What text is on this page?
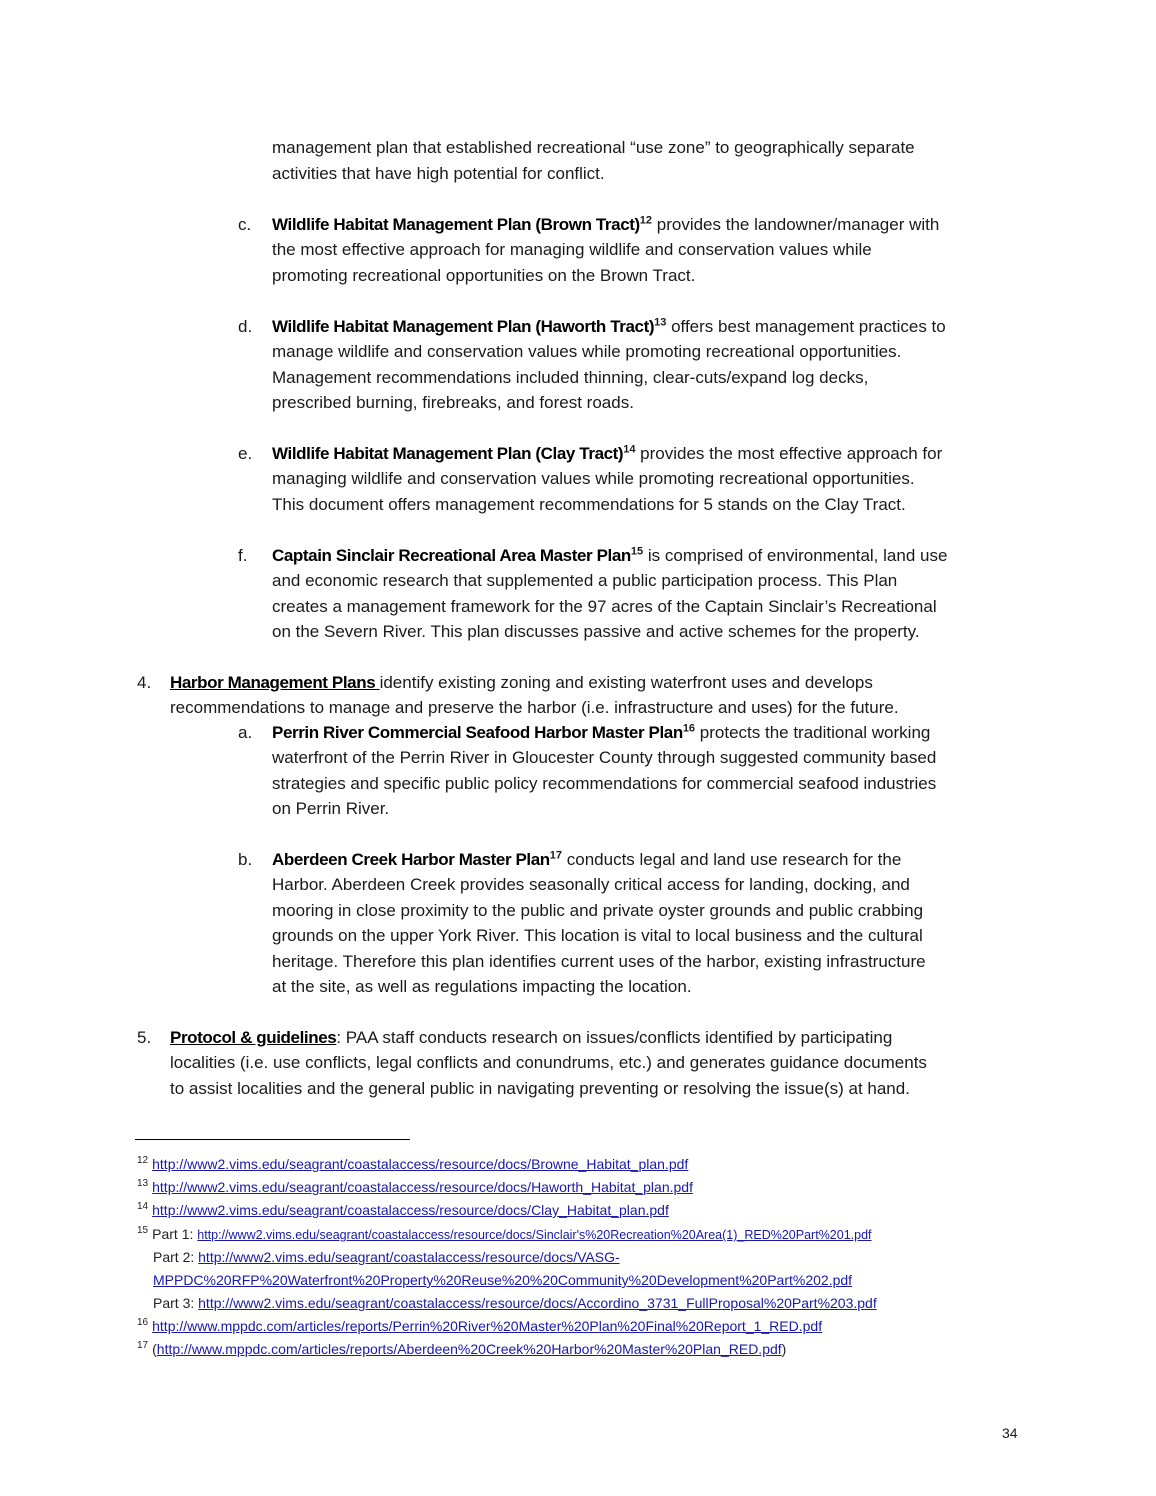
34
management plan that established recreational “use zone” to geographically separate
activities that have high potential for conflict.
c. Wildlife Habitat Management Plan (Brown Tract)$^{12}$ provides the landowner/manager with
the most effective approach for managing wildlife and conservation values while
promoting recreational opportunities on the Brown Tract.
d. Wildlife Habitat Management Plan (Haworth Tract)$^{13}$ offers best management practices to
manage wildlife and conservation values while promoting recreational opportunities.
Management recommendations included thinning, clear-cuts/expand log decks,
prescribed burning, firebreaks, and forest roads.
e. Wildlife Habitat Management Plan (Clay Tract)$^{14}$ provides the most effective approach for
managing wildlife and conservation values while promoting recreational opportunities.
This document offers management recommendations for 5 stands on the Clay Tract.
f. Captain Sinclair Recreational Area Master Plan$^{15}$ is comprised of environmental, land use
and economic research that supplemented a public participation process. This Plan
creates a management framework for the 97 acres of the Captain Sinclair’s Recreational
on the Severn River. This plan discusses passive and active schemes for the property.
4. Harbor Management Plans identify existing zoning and existing waterfront uses and develops
recommendations to manage and preserve the harbor (i.e. infrastructure and uses) for the future.
a. Perrin River Commercial Seafood Harbor Master Plan$^{16}$ protects the traditional working
waterfront of the Perrin River in Gloucester County through suggested community based
strategies and specific public policy recommendations for commercial seafood industries
on Perrin River.
b. Aberdeen Creek Harbor Master Plan$^{17}$ conducts legal and land use research for the
Harbor. Aberdeen Creek provides seasonally critical access for landing, docking, and
mooring in close proximity to the public and private oyster grounds and public crabbing
grounds on the upper York River. This location is vital to local business and the cultural
heritage. Therefore this plan identifies current uses of the harbor, existing infrastructure
at the site, as well as regulations impacting the location.
5. Protocol & guidelines: PAA staff conducts research on issues/conflicts identified by participating
localities (i.e. use conflicts, legal conflicts and conundrums, etc.) and generates guidance documents
to assist localities and the general public in navigating preventing or resolving the issue(s) at hand.
$^{12}$ http://www2.vims.edu/seagrant/coastalaccess/resource/docs/Browne_Habitat_plan.pdf
$^{13}$ http://www2.vims.edu/seagrant/coastalaccess/resource/docs/Haworth_Habitat_plan.pdf
$^{14}$ http://www2.vims.edu/seagrant/coastalaccess/resource/docs/Clay_Habitat_plan.pdf
$^{15}$ Part 1: http://www2.vims.edu/seagrant/coastalaccess/resource/docs/Sinclair's%20Recreation%20Area(1)_RED%20Part%201.pdf
Part 2: http://www2.vims.edu/seagrant/coastalaccess/resource/docs/VASG-
MPPDC%20RFP%20Waterfront%20Property%20Reuse%20%20Community%20Development%20Part%202.pdf
Part 3: http://www2.vims.edu/seagrant/coastalaccess/resource/docs/Accordino_3731_FullProposal%20Part%203.pdf
$^{16}$ http://www.mppdc.com/articles/reports/Perrin%20River%20Master%20Plan%20Final%20Report_1_RED.pdf
$^{17}$ (http://www.mppdc.com/articles/reports/Aberdeen%20Creek%20Harbor%20Master%20Plan_RED.pdf)
